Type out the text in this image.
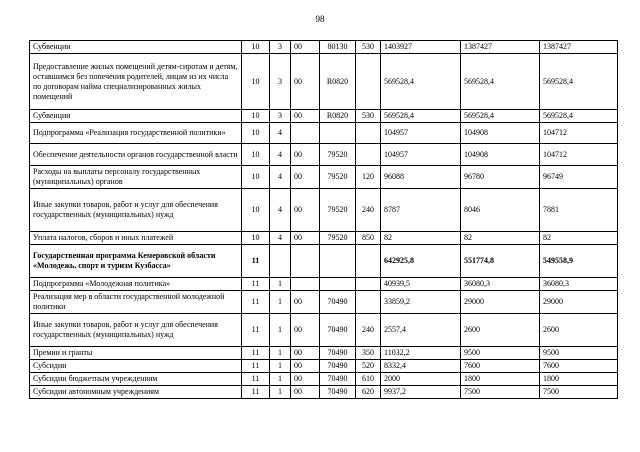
98
Субвенции	10	3	00	80130	530	1403927	1387427	1387427
Предоставление жилых помещений детям-сиротам и детям, оставшимся без попечения родителей, лицам из их числа по договорам найма специализированных жилых помещений	10	3	00	R0820		569528,4	569528,4	569528,4
Субвенции	10	3	00	R0820	530	569528,4	569528,4	569528,4
Подпрограмма «Реализация государственной политики»	10	4				104957	104908	104712
Обеспечение деятельности органов государственной власти	10	4	00	79520		104957	104908	104712
Расходы на выплаты персоналу государственных (муниципальных) органов	10	4	00	79520	120	96088	96780	96749
Иные закупки товаров, работ и услуг для обеспечения государственных (муниципальных) нужд	10	4	00	79520	240	8787	8046	7881
Уплата налогов, сборов и иных платежей	10	4	00	79520	850	82	82	82
Государственная программа Кемеровской области «Молодежь, спорт и туризм Кузбасса»	11					642925,8	551774,8	549558,9
Подпрограмма «Молодежная политика»	11	1				40939,5	36080,3	36080,3
Реализация мер в области государственной молодежной политики	11	1	00	70490		33859,2	29000	29000
Иные закупки товаров, работ и услуг для обеспечения государственных (муниципальных) нужд	11	1	00	70490	240	2557,4	2600	2600
Премии и гранты	11	1	00	70490	350	11032,2	9500	9500
Субсидии	11	1	00	70490	520	8332,4	7600	7600
Субсидии бюджетным учреждениям	11	1	00	70490	610	2000	1800	1800
Субсидии автономным учреждениям	11	1	00	70490	620	9937,2	7500	7500
